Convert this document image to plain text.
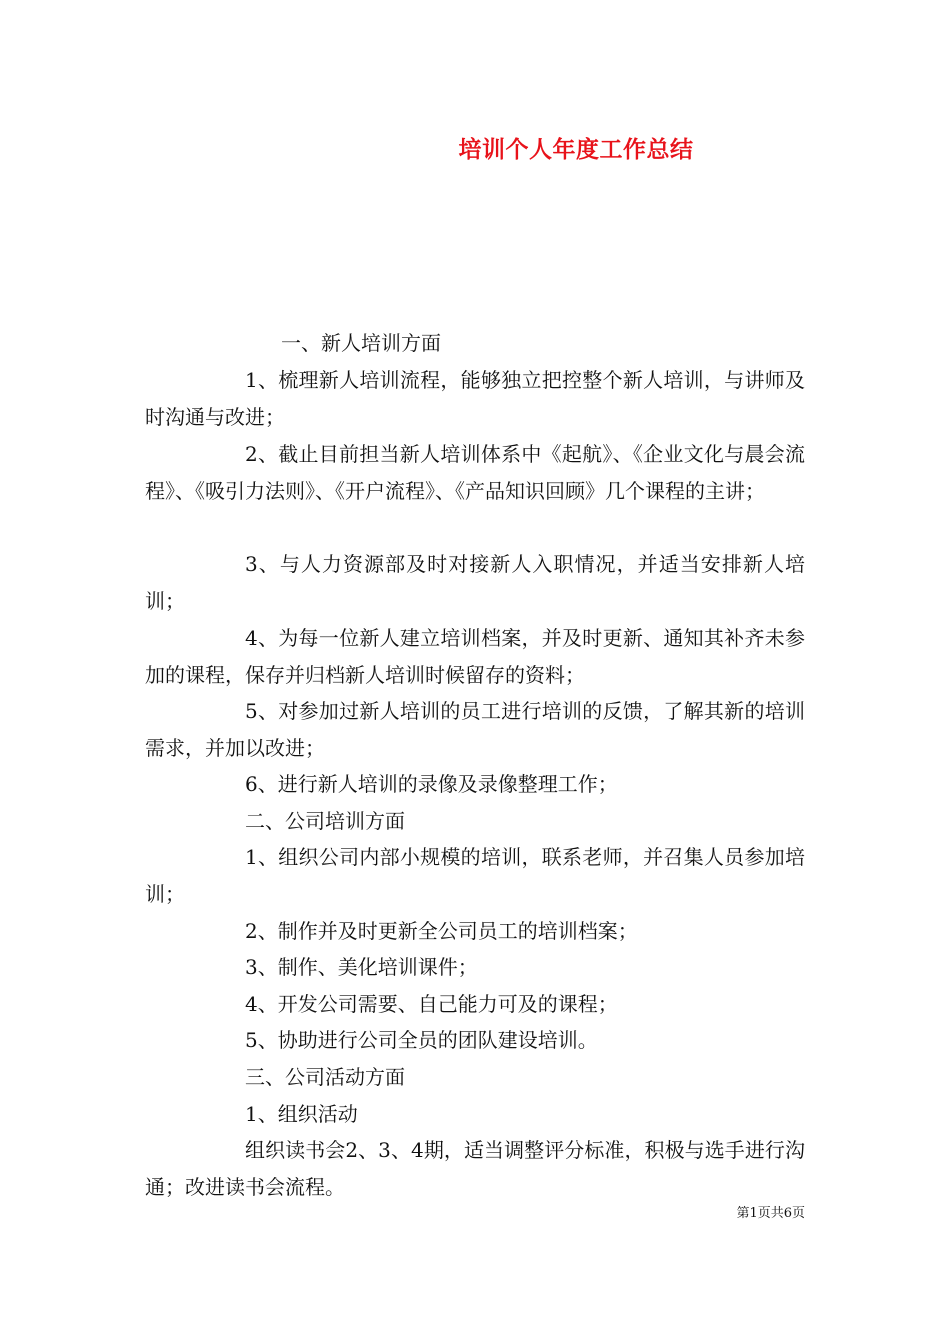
培训个人年度工作总结

一、新人培训方面

1、梳理新人培训流程，能够独立把控整个新人培训，与讲师及时沟通与改进；

2、截止目前担当新人培训体系中《起航》、《企业文化与晨会流程》、《吸引力法则》、《开户流程》、《产品知识回顾》几个课程的主讲；

3、与人力资源部及时对接新人入职情况，并适当安排新人培训；

4、为每一位新人建立培训档案，并及时更新、通知其补齐未参加的课程，保存并归档新人培训时候留存的资料；

5、对参加过新人培训的员工进行培训的反馈，了解其新的培训需求，并加以改进；

6、进行新人培训的录像及录像整理工作；

二、公司培训方面

1、组织公司内部小规模的培训，联系老师，并召集人员参加培训；

2、制作并及时更新全公司员工的培训档案；

3、制作、美化培训课件；

4、开发公司需要、自己能力可及的课程；

5、协助进行公司全员的团队建设培训。

三、公司活动方面

1、组织活动

组织读书会2、3、4期，适当调整评分标准，积极与选手进行沟通；改进读书会流程。

第1页共6页
